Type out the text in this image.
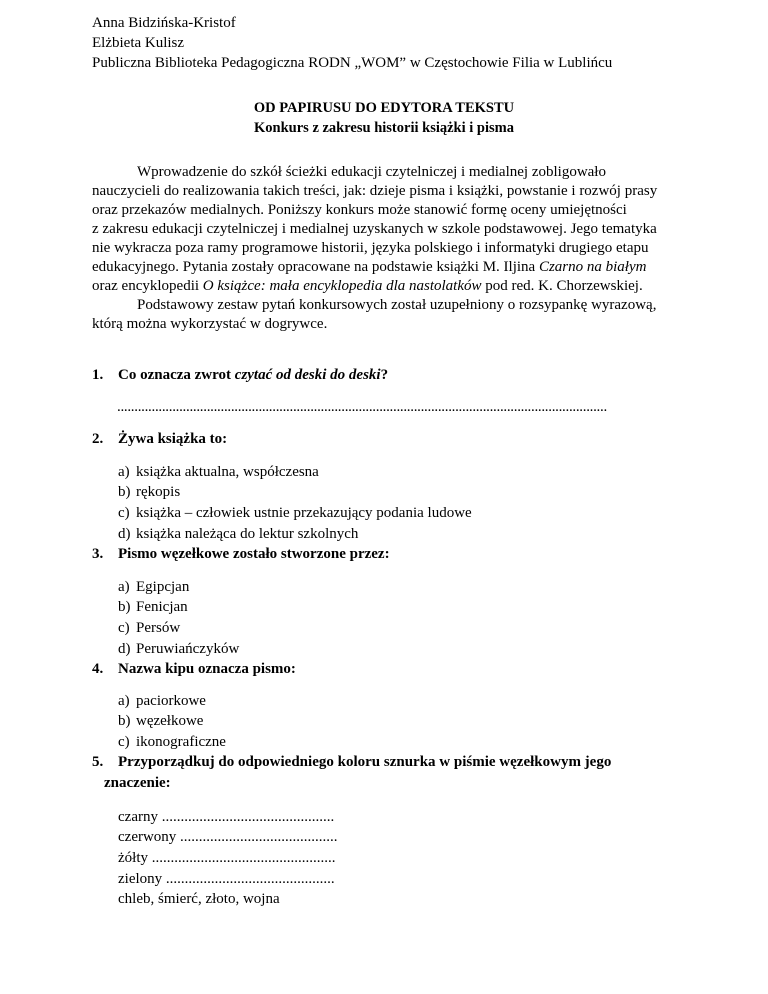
Anna Bidzińska-Kristof
Elżbieta Kulisz
Publiczna Biblioteka Pedagogiczna RODN „WOM” w Częstochowie Filia w Lublińcu
OD PAPIRUSU DO EDYTORA TEKSTU
Konkurs z zakresu historii książki i pisma
Wprowadzenie do szkół ścieżki edukacji czytelniczej i medialnej zobligowało
nauczycieli do realizowania takich treści, jak: dzieje pisma i książki, powstanie i rozwój prasy
oraz przekazów medialnych. Poniższy konkurs może stanowić formę oceny umiejętności
z zakresu edukacji czytelniczej i medialnej uzyskanych w szkole podstawowej. Jego tematyka
nie wykracza poza ramy programowe historii, języka polskiego i informatyki drugiego etapu
edukacyjnego. Pytania zostały opracowane na podstawie książki M. Iljina Czarno na białym
oraz encyklopedii O książce: mała encyklopedia dla nastolatków pod red. K. Chorzewskiej.
Podstawowy zestaw pytań konkursowych został uzupełniony o rozsypankę wyrazową,
którą można wykorzystać w dogrywce.
1. Co oznacza zwrot czytać od deski do deski?
..............................................................................................................................................
2. Żywa książka to:
a) książka aktualna, współczesna
b) rękopis
c) książka – człowiek ustnie przekazujący podania ludowe
d) książka należąca do lektur szkolnych
3. Pismo węzełkowe zostało stworzone przez:
a) Egipcjan
b) Fenicjan
c) Persów
d) Peruwiańczyków
4. Nazwa kipu oznacza pismo:
a) paciorkowe
b) węzełkowe
c) ikonograficzne
5. Przyporządkuj do odpowiedniego koloru sznurka w piśmie węzełkowym jego
znaczenie:
czarny ..............................................
czerwony ..........................................
żółty .................................................
zielony .............................................
chleb, śmierć, złoto, wojna
